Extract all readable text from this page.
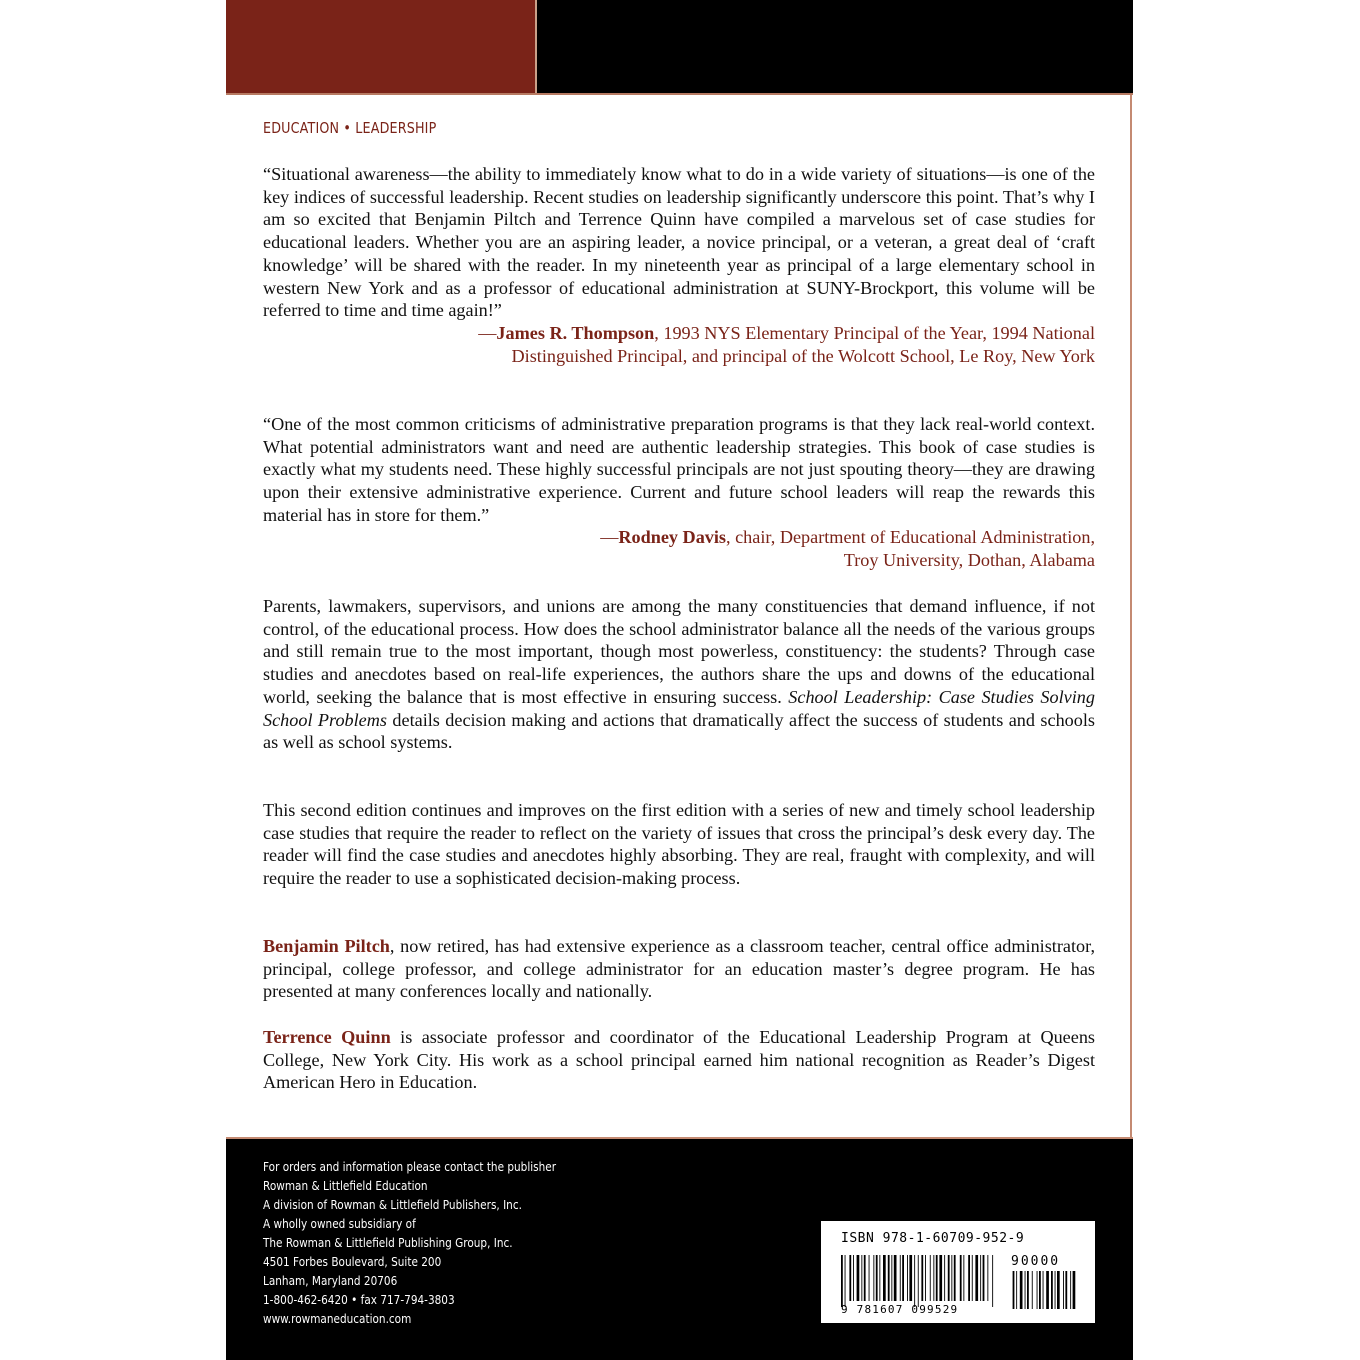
EDUCATION • LEADERSHIP

“Situational awareness—the ability to immediately know what to do in a wide variety of situations—is one of the key indices of successful leadership. Recent studies on leadership significantly underscore this point. That’s why I am so excited that Benjamin Piltch and Terrence Quinn have compiled a marvelous set of case studies for educational leaders. Whether you are an aspiring leader, a novice principal, or a veteran, a great deal of ‘craft knowledge’ will be shared with the reader. In my nineteenth year as principal of a large elementary school in western New York and as a professor of educational administration at SUNY-Brockport, this volume will be referred to time and time again!”

—James R. Thompson, 1993 NYS Elementary Principal of the Year, 1994 National
Distinguished Principal, and principal of the Wolcott School, Le Roy, New York

“One of the most common criticisms of administrative preparation programs is that they lack real-world context. What potential administrators want and need are authentic leadership strategies. This book of case studies is exactly what my students need. These highly successful principals are not just spouting theory—they are drawing upon their extensive administrative experience. Current and future school leaders will reap the rewards this material has in store for them.”

—Rodney Davis, chair, Department of Educational Administration,
Troy University, Dothan, Alabama

Parents, lawmakers, supervisors, and unions are among the many constituencies that demand influence, if not control, of the educational process. How does the school administrator balance all the needs of the various groups and still remain true to the most important, though most powerless, constituency: the students? Through case studies and anecdotes based on real-life experiences, the authors share the ups and downs of the educational world, seeking the balance that is most effective in ensuring success. School Leadership: Case Studies Solving School Problems details decision making and actions that dramatically affect the success of students and schools as well as school systems.

This second edition continues and improves on the first edition with a series of new and timely school leadership case studies that require the reader to reflect on the variety of issues that cross the principal’s desk every day. The reader will find the case studies and anecdotes highly absorbing. They are real, fraught with complexity, and will require the reader to use a sophisticated decision-making process.

Benjamin Piltch, now retired, has had extensive experience as a classroom teacher, central office administrator, principal, college professor, and college administrator for an education master’s degree program. He has presented at many conferences locally and nationally.

Terrence Quinn is associate professor and coordinator of the Educational Leadership Program at Queens College, New York City. His work as a school principal earned him national recognition as Reader’s Digest American Hero in Education.

For orders and information please contact the publisher
Rowman & Littlefield Education
A division of Rowman & Littlefield Publishers, Inc.
A wholly owned subsidiary of
The Rowman & Littlefield Publishing Group, Inc.
4501 Forbes Boulevard, Suite 200
Lanham, Maryland 20706
1-800-462-6420 • fax 717-794-3803
www.rowmaneducation.com
ISBN 978-1-60709-952-9
90000
9 781607 099529
